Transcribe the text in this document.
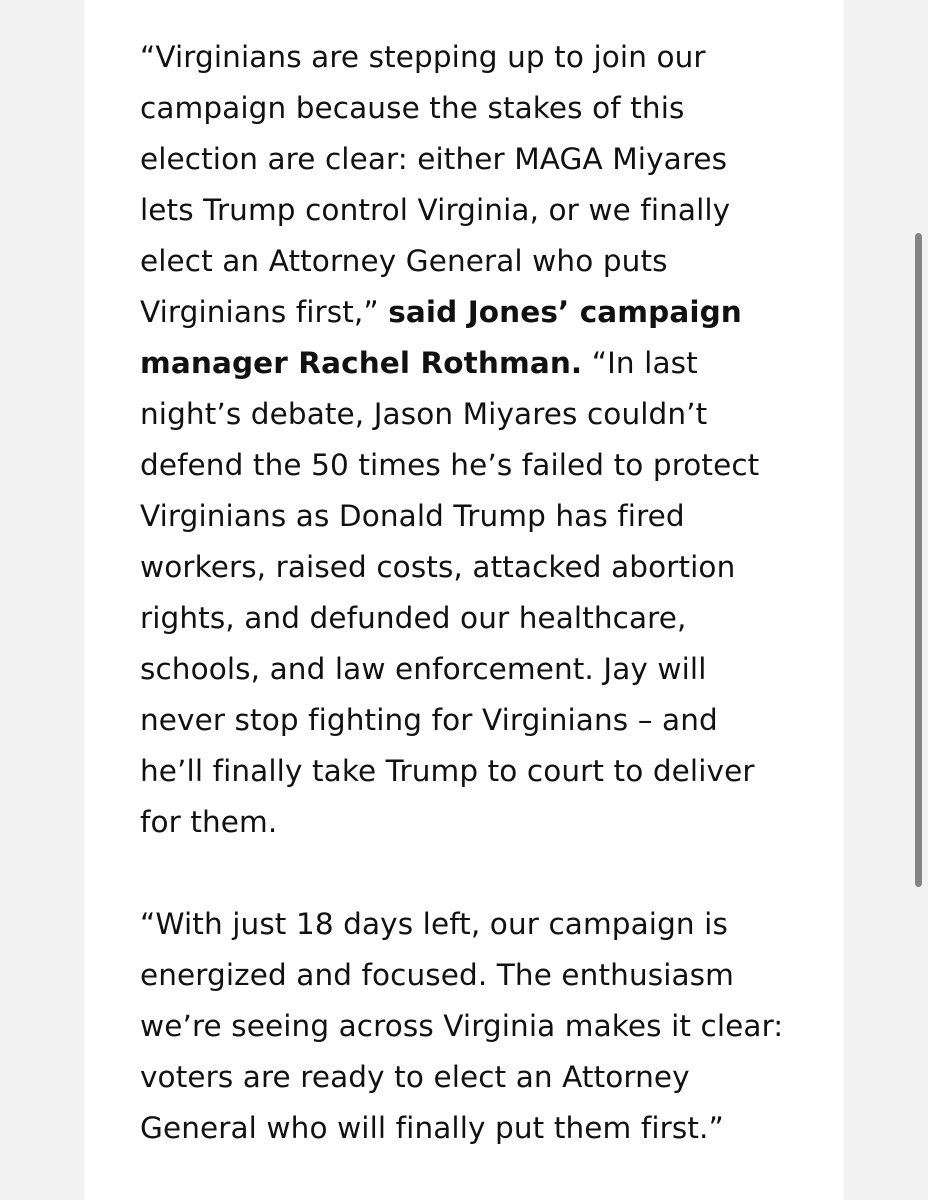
“Virginians are stepping up to join our campaign because the stakes of this election are clear: either MAGA Miyares lets Trump control Virginia, or we finally elect an Attorney General who puts Virginians first,” said Jones’ campaign manager Rachel Rothman. “In last night’s debate, Jason Miyares couldn’t defend the 50 times he’s failed to protect Virginians as Donald Trump has fired workers, raised costs, attacked abortion rights, and defunded our healthcare, schools, and law enforcement. Jay will never stop fighting for Virginians – and he’ll finally take Trump to court to deliver for them.

“With just 18 days left, our campaign is energized and focused. The enthusiasm we’re seeing across Virginia makes it clear: voters are ready to elect an Attorney General who will finally put them first.”
